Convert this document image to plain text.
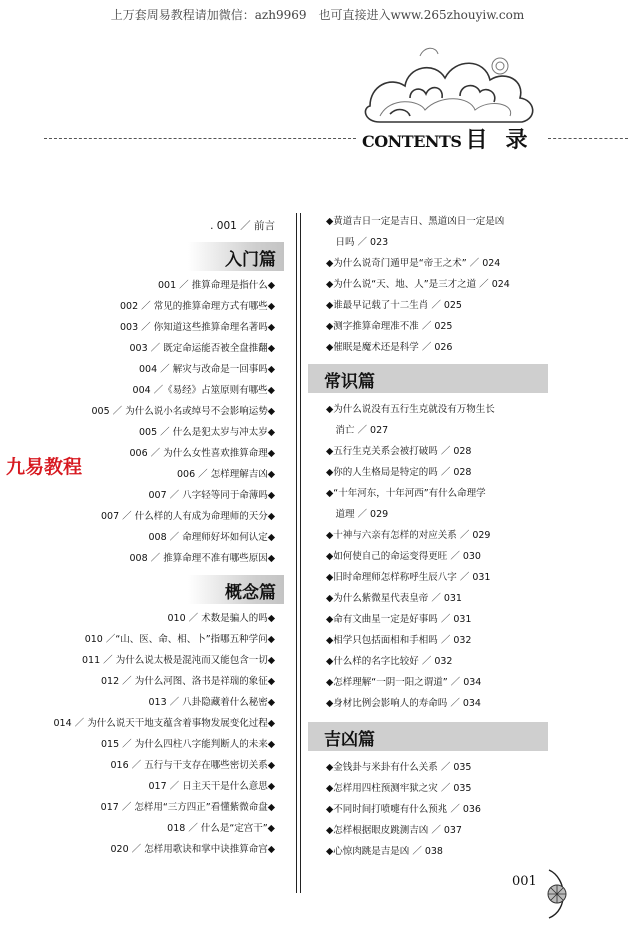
上万套周易教程请加微信：azh9969　也可直接进入www.265zhouyiw.com
CONTENTS 目录
九易教程
. 001 ／ 前言
入门篇
001 ／ 推算命理是指什么◆
002 ／ 常见的推算命理方式有哪些◆
003 ／ 你知道这些推算命理名著吗◆
003 ／ 既定命运能否被全盘推翻◆
004 ／ 解灾与改命是一回事吗◆
004 ／《易经》占筮原则有哪些◆
005 ／ 为什么说小名或绰号不会影响运势◆
005 ／ 什么是犯太岁与冲太岁◆
006 ／ 为什么女性喜欢推算命理◆
006 ／ 怎样理解吉凶◆
007 ／ 八字轻等同于命薄吗◆
007 ／ 什么样的人有成为命理师的天分◆
008 ／ 命理师好坏如何认定◆
008 ／ 推算命理不准有哪些原因◆
概念篇
010 ／ 术数是骗人的吗◆
010 ／“山、医、命、相、卜”指哪五种学问◆
011 ／ 为什么说太极是混沌而又能包含一切◆
012 ／ 为什么河图、洛书是祥瑞的象征◆
013 ／ 八卦隐藏着什么秘密◆
014 ／ 为什么说天干地支蕴含着事物发展变化过程◆
015 ／ 为什么四柱八字能判断人的未来◆
016 ／ 五行与干支存在哪些密切关系◆
017 ／ 日主天干是什么意思◆
017 ／ 怎样用“三方四正”看懂紫微命盘◆
018 ／ 什么是“定宫干”◆
020 ／ 怎样用歌诀和掌中诀推算命宫◆
◆黄道吉日一定是吉日、黑道凶日一定是凶
　日吗 ／ 023
◆为什么说奇门遁甲是“帝王之术” ／ 024
◆为什么说“天、地、人”是三才之道 ／ 024
◆谁最早记载了十二生肖 ／ 025
◆测字推算命理准不准 ／ 025
◆催眠是魔术还是科学 ／ 026
常识篇
◆为什么说没有五行生克就没有万物生长
　消亡 ／ 027
◆五行生克关系会被打破吗 ／ 028
◆你的人生格局是特定的吗 ／ 028
◆“十年河东，十年河西”有什么命理学
　道理 ／ 029
◆十神与六亲有怎样的对应关系 ／ 029
◆如何使自己的命运变得更旺 ／ 030
◆旧时命理师怎样称呼生辰八字 ／ 031
◆为什么紫微星代表皇帝 ／ 031
◆命有文曲星一定是好事吗 ／ 031
◆相学只包括面相和手相吗 ／ 032
◆什么样的名字比较好 ／ 032
◆怎样理解“一阴一阳之谓道” ／ 034
◆身材比例会影响人的寿命吗 ／ 034
吉凶篇
◆金钱卦与米卦有什么关系 ／ 035
◆怎样用四柱预测牢狱之灾 ／ 035
◆不同时间打喷嚏有什么预兆 ／ 036
◆怎样根据眼皮跳测吉凶 ／ 037
◆心惊肉跳是吉是凶 ／ 038
001
